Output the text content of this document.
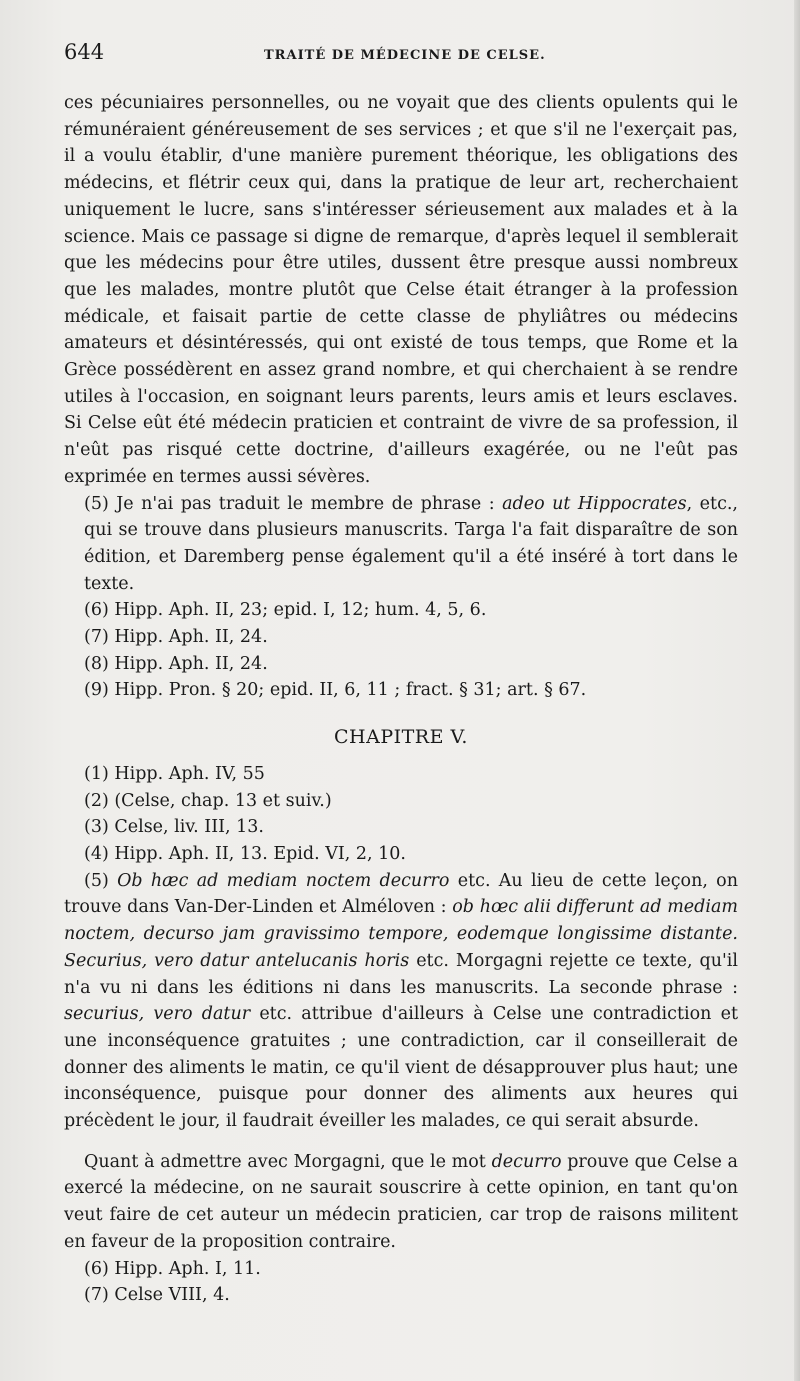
644	TRAITÉ DE MÉDECINE DE CELSE.

ces pécuniaires personnelles, ou ne voyait que des clients opulents qui le rémunéraient généreusement de ses services ; et que s'il ne l'exerçait pas, il a voulu établir, d'une manière purement théorique, les obligations des médecins, et flétrir ceux qui, dans la pratique de leur art, recherchaient uniquement le lucre, sans s'intéresser sérieusement aux malades et à la science. Mais ce passage si digne de remarque, d'après lequel il semblerait que les médecins pour être utiles, dussent être presque aussi nombreux que les malades, montre plutôt que Celse était étranger à la profession médicale, et faisait partie de cette classe de phyliâtres ou médecins amateurs et désintéressés, qui ont existé de tous temps, que Rome et la Grèce possédèrent en assez grand nombre, et qui cherchaient à se rendre utiles à l'occasion, en soignant leurs parents, leurs amis et leurs esclaves. Si Celse eût été médecin praticien et contraint de vivre de sa profession, il n'eût pas risqué cette doctrine, d'ailleurs exagérée, ou ne l'eût pas exprimée en termes aussi sévères.

(5) Je n'ai pas traduit le membre de phrase : adeo ut Hippocrates, etc., qui se trouve dans plusieurs manuscrits. Targa l'a fait disparaître de son édition, et Daremberg pense également qu'il a été inséré à tort dans le texte.

(6) Hipp. Aph. II, 23; epid. I, 12; hum. 4, 5, 6.

(7) Hipp. Aph. II, 24.

(8) Hipp. Aph. II, 24.

(9) Hipp. Pron. § 20; epid. II, 6, 11 ; fract. § 31; art. § 67.

CHAPITRE V.

(1) Hipp. Aph. IV, 55

(2) (Celse, chap. 13 et suiv.)

(3) Celse, liv. III, 13.

(4) Hipp. Aph. II, 13. Epid. VI, 2, 10.

(5) Ob hæc ad mediam noctem decurro etc. Au lieu de cette leçon, on trouve dans Van-Der-Linden et Alméloven : ob hœc alii differunt ad mediam noctem, decurso jam gravissimo tempore, eodemque longissime distante. Securius, vero datur antelucanis horis etc. Morgagni rejette ce texte, qu'il n'a vu ni dans les éditions ni dans les manuscrits. La seconde phrase : securius, vero datur etc. attribue d'ailleurs à Celse une contradiction et une inconséquence gratuites ; une contradiction, car il conseillerait de donner des aliments le matin, ce qu'il vient de désapprouver plus haut; une inconséquence, puisque pour donner des aliments aux heures qui précèdent le jour, il faudrait éveiller les malades, ce qui serait absurde.

Quant à admettre avec Morgagni, que le mot decurro prouve que Celse a exercé la médecine, on ne saurait souscrire à cette opinion, en tant qu'on veut faire de cet auteur un médecin praticien, car trop de raisons militent en faveur de la proposition contraire.

(6) Hipp. Aph. I, 11.

(7) Celse VIII, 4.
